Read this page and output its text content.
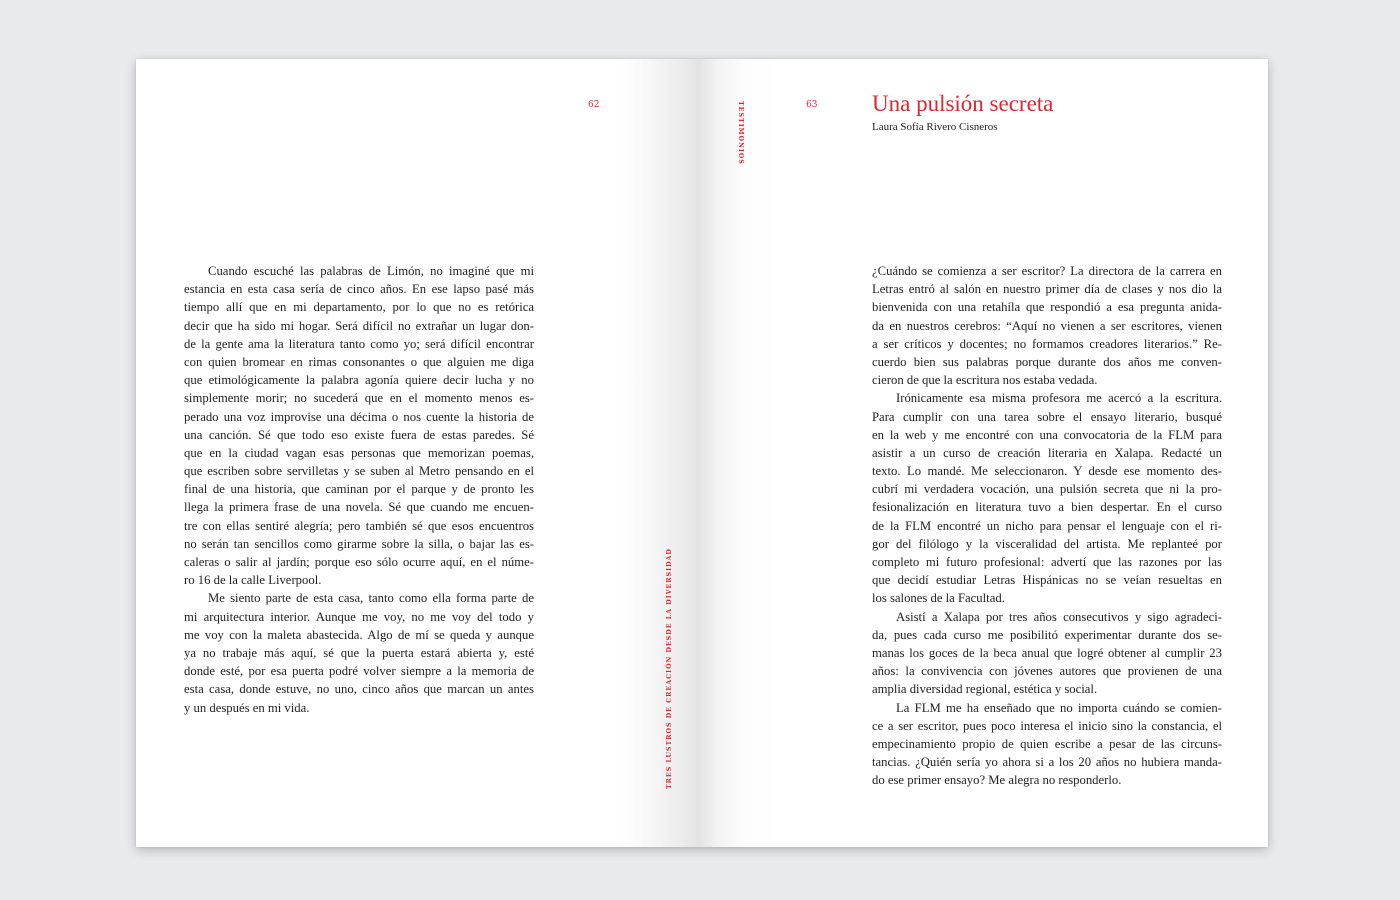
62
TRES LUSTROS DE CREACIÓN DESDE LA DIVERSIDAD
Cuando escuché las palabras de Limón, no imaginé que mi
estancia en esta casa sería de cinco años. En ese lapso pasé más
tiempo allí que en mi departamento, por lo que no es retórica
decir que ha sido mi hogar. Será difícil no extrañar un lugar don-
de la gente ama la literatura tanto como yo; será difícil encontrar
con quien bromear en rimas consonantes o que alguien me diga
que etimológicamente la palabra agonía quiere decir lucha y no
simplemente morir; no sucederá que en el momento menos es-
perado una voz improvise una décima o nos cuente la historia de
una canción. Sé que todo eso existe fuera de estas paredes. Sé
que en la ciudad vagan esas personas que memorizan poemas,
que escriben sobre servilletas y se suben al Metro pensando en el
final de una historia, que caminan por el parque y de pronto les
llega la primera frase de una novela. Sé que cuando me encuen-
tre con ellas sentiré alegría; pero también sé que esos encuentros
no serán tan sencillos como girarme sobre la silla, o bajar las es-
caleras o salir al jardín; porque eso sólo ocurre aquí, en el núme-
ro 16 de la calle Liverpool.
Me siento parte de esta casa, tanto como ella forma parte de
mi arquitectura interior. Aunque me voy, no me voy del todo y
me voy con la maleta abastecida. Algo de mí se queda y aunque
ya no trabaje más aquí, sé que la puerta estará abierta y, esté
donde esté, por esa puerta podré volver siempre a la memoria de
esta casa, donde estuve, no uno, cinco años que marcan un antes
y un después en mi vida.
TESTIMONIOS	63 Una pulsión secreta
Laura Sofía Rivero Cisneros
¿Cuándo se comienza a ser escritor? La directora de la carrera en
Letras entró al salón en nuestro primer día de clases y nos dio la
bienvenida con una retahíla que respondió a esa pregunta anida-
da en nuestros cerebros: “Aquí no vienen a ser escritores, vienen
a ser críticos y docentes; no formamos creadores literarios.” Re-
cuerdo bien sus palabras porque durante dos años me conven-
cieron de que la escritura nos estaba vedada.
Irónicamente esa misma profesora me acercó a la escritura.
Para cumplir con una tarea sobre el ensayo literario, busqué
en la web y me encontré con una convocatoria de la FLM para
asistir a un curso de creación literaria en Xalapa. Redacté un
texto. Lo mandé. Me seleccionaron. Y desde ese momento des-
cubrí mi verdadera vocación, una pulsión secreta que ni la pro-
fesionalización en literatura tuvo a bien despertar. En el curso
de la FLM encontré un nicho para pensar el lenguaje con el ri-
gor del filólogo y la visceralidad del artista. Me replanteé por
completo mi futuro profesional: advertí que las razones por las
que decidí estudiar Letras Hispánicas no se veían resueltas en
los salones de la Facultad.
Asistí a Xalapa por tres años consecutivos y sigo agradeci-
da, pues cada curso me posibilitó experimentar durante dos se-
manas los goces de la beca anual que logré obtener al cumplir 23
años: la convivencia con jóvenes autores que provienen de una
amplia diversidad regional, estética y social.
La FLM me ha enseñado que no importa cuándo se comien-
ce a ser escritor, pues poco interesa el inicio sino la constancia, el
empecinamiento propio de quien escribe a pesar de las circuns-
tancias. ¿Quién sería yo ahora si a los 20 años no hubiera manda-
do ese primer ensayo? Me alegra no responderlo.
